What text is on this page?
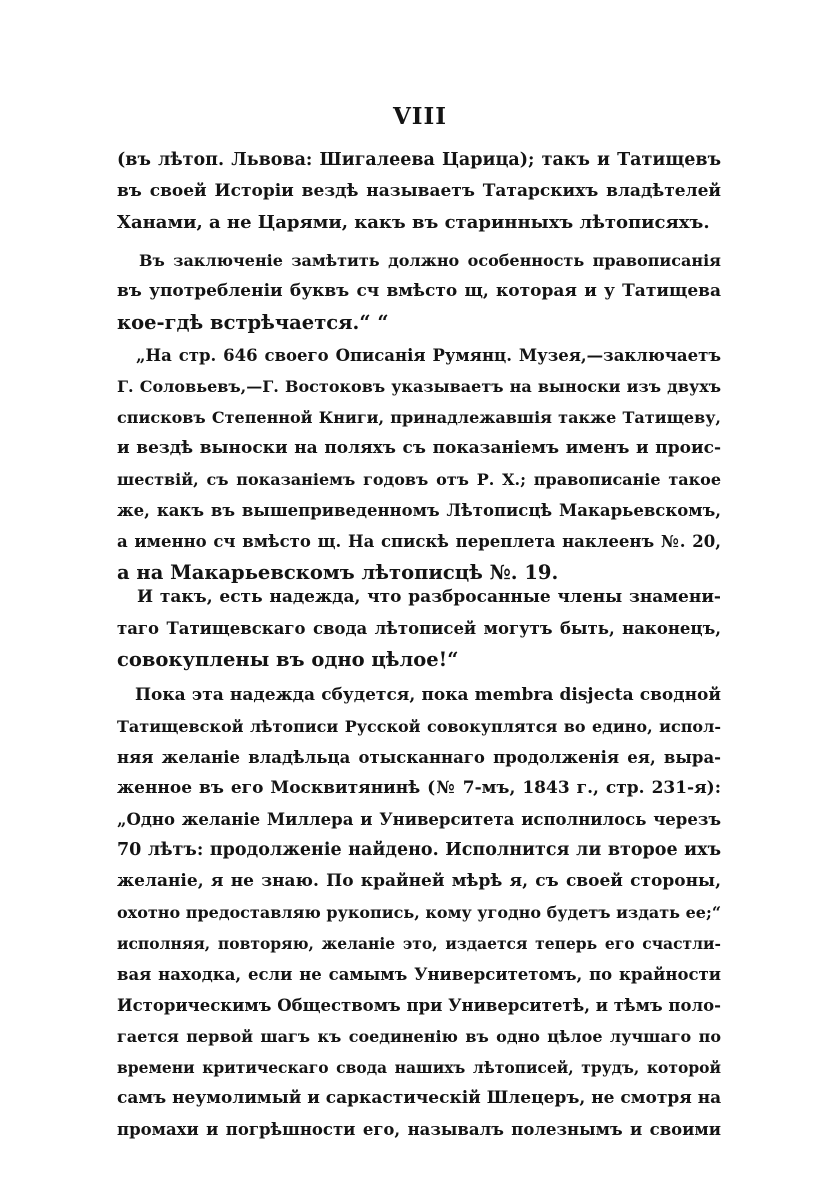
VIII
(въ лѣтоп. Львова: Шигалеева Царица); такъ и Татищевъ
въ своей Исторіи вездѣ называетъ Татарскихъ владѣтелей
Ханами, а не Царями, какъ въ старинныхъ лѣтописяхъ.
Въ заключеніе замѣтить должно особенность правописанія
въ употребленіи буквъ сч вмѣсто щ, которая и у Татищева
кое-гдѣ встрѣчается.“ “
„На стр. 646 своего Описанія Румянц. Музея,—заключаетъ
Г. Соловьевъ,—Г. Востоковъ указываетъ на выноски изъ двухъ
списковъ Степенной Книги, принадлежавшія также Татищеву,
и вездѣ выноски на поляхъ съ показаніемъ именъ и проис-
шествій, съ показаніемъ годовъ отъ Р. Х.; правописаніе такое
же, какъ въ вышеприведенномъ Лѣтописцѣ Макарьевскомъ,
а именно сч вмѣсто щ. На спискѣ переплета наклеенъ №. 20,
а на Макарьевскомъ лѣтописцѣ №. 19.
И такъ, есть надежда, что разбросанные члены знамени-
таго Татищевскаго свода лѣтописей могутъ быть, наконецъ,
совокуплены въ одно цѣлое!“
Пока эта надежда сбудется, пока membra disjecta сводной
Татищевской лѣтописи Русской совокуплятся во едино, испол-
няя желаніе владѣльца отысканнаго продолженія ея, выра-
женное въ его Москвитянинѣ (№ 7-мъ, 1843 г., стр. 231-я):
„Одно желаніе Миллера и Университета исполнилось черезъ
70 лѣтъ: продолженіе найдено. Исполнится ли второе ихъ
желаніе, я не знаю. По крайней мѣрѣ я, съ своей стороны,
охотно предоставляю рукопись, кому угодно будетъ издать ее;“
исполняя, повторяю, желаніе это, издается теперь его счастли-
вая находка, если не самымъ Университетомъ, по крайности
Историческимъ Обществомъ при Университетѣ, и тѣмъ поло-
гается первой шагъ къ соединенію въ одно цѣлое лучшаго по
времени критическаго свода нашихъ лѣтописей, трудъ, которой
самъ неумолимый и саркастическій Шлецеръ, не смотря на
промахи и погрѣшности его, называлъ полезнымъ и своими
